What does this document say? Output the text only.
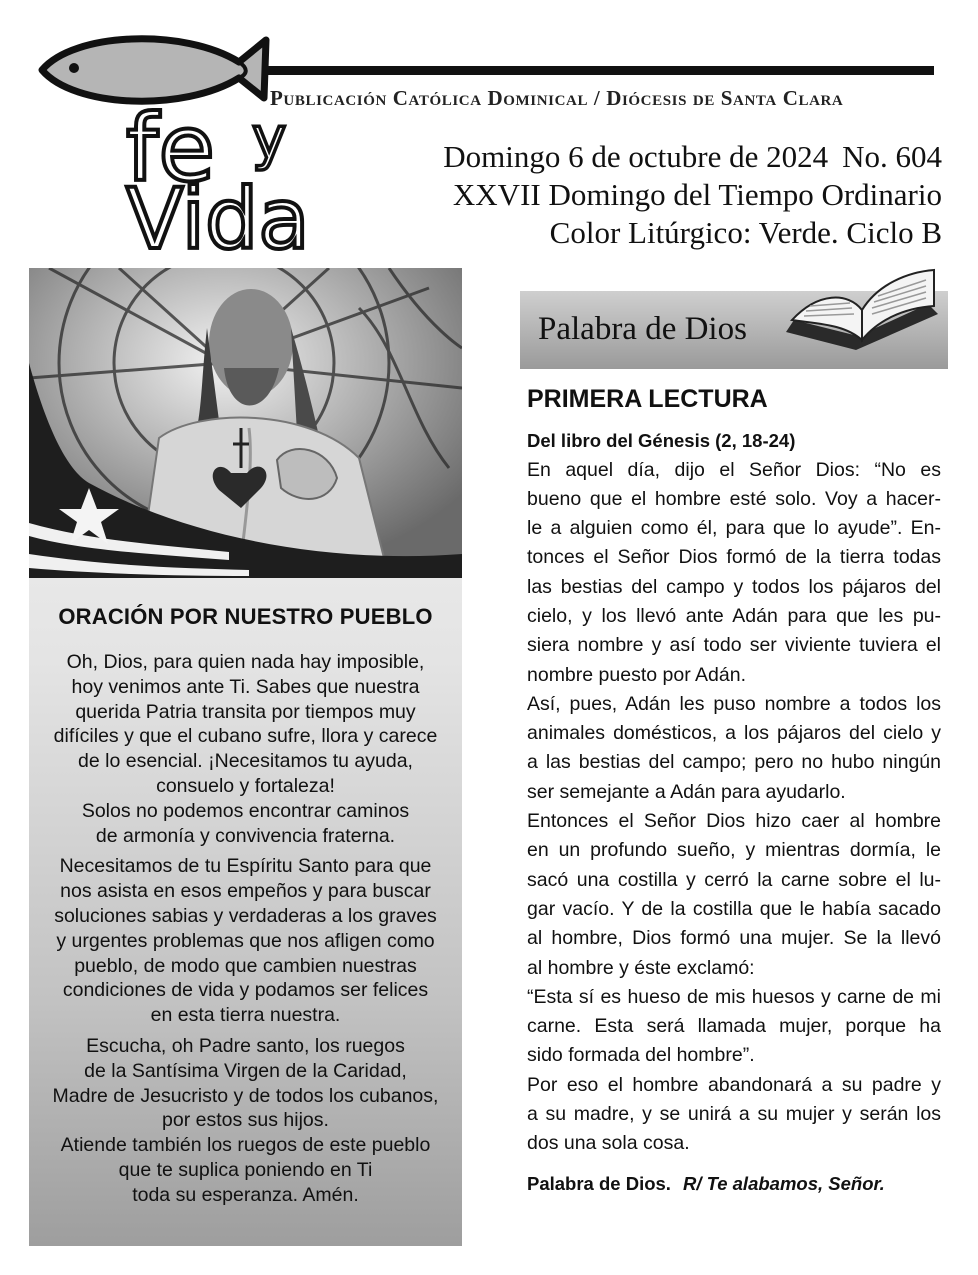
fe y
Vida
Publicación Católica Dominical / Diócesis de Santa Clara
Domingo 6 de octubre de 2024 No. 604
XXVII Domingo del Tiempo Ordinario
Color Litúrgico: Verde. Ciclo B
ORACIÓN POR NUESTRO PUEBLO

Oh, Dios, para quien nada hay imposible,
hoy venimos ante Ti. Sabes que nuestra
querida Patria transita por tiempos muy
difíciles y que el cubano sufre, llora y carece
de lo esencial. ¡Necesitamos tu ayuda,
consuelo y fortaleza!
Solos no podemos encontrar caminos
de armonía y convivencia fraterna.

Necesitamos de tu Espíritu Santo para que
nos asista en esos empeños y para buscar
soluciones sabias y verdaderas a los graves
y urgentes problemas que nos afligen como
pueblo, de modo que cambien nuestras
condiciones de vida y podamos ser felices
en esta tierra nuestra.

Escucha, oh Padre santo, los ruegos
de la Santísima Virgen de la Caridad,
Madre de Jesucristo y de todos los cubanos,
por estos sus hijos.
Atiende también los ruegos de este pueblo
que te suplica poniendo en Ti
toda su esperanza. Amén.

Palabra de Dios
PRIMERA LECTURA
Del libro del Génesis (2, 18-24)
En aquel día, dijo el Señor Dios: “No es
bueno que el hombre esté solo. Voy a hacer-
le a alguien como él, para que lo ayude”. En-
tonces el Señor Dios formó de la tierra todas
las bestias del campo y todos los pájaros del
cielo, y los llevó ante Adán para que les pu-
siera nombre y así todo ser viviente tuviera el
nombre puesto por Adán.
Así, pues, Adán les puso nombre a todos los
animales domésticos, a los pájaros del cielo y
a las bestias del campo; pero no hubo ningún
ser semejante a Adán para ayudarlo.
Entonces el Señor Dios hizo caer al hombre
en un profundo sueño, y mientras dormía, le
sacó una costilla y cerró la carne sobre el lu-
gar vacío. Y de la costilla que le había sacado
al hombre, Dios formó una mujer. Se la llevó
al hombre y éste exclamó:
“Esta sí es hueso de mis huesos y carne de mi
carne. Esta será llamada mujer, porque ha
sido formada del hombre”.
Por eso el hombre abandonará a su padre y
a su madre, y se unirá a su mujer y serán los
dos una sola cosa.
Palabra de Dios. R/ Te alabamos, Señor.
